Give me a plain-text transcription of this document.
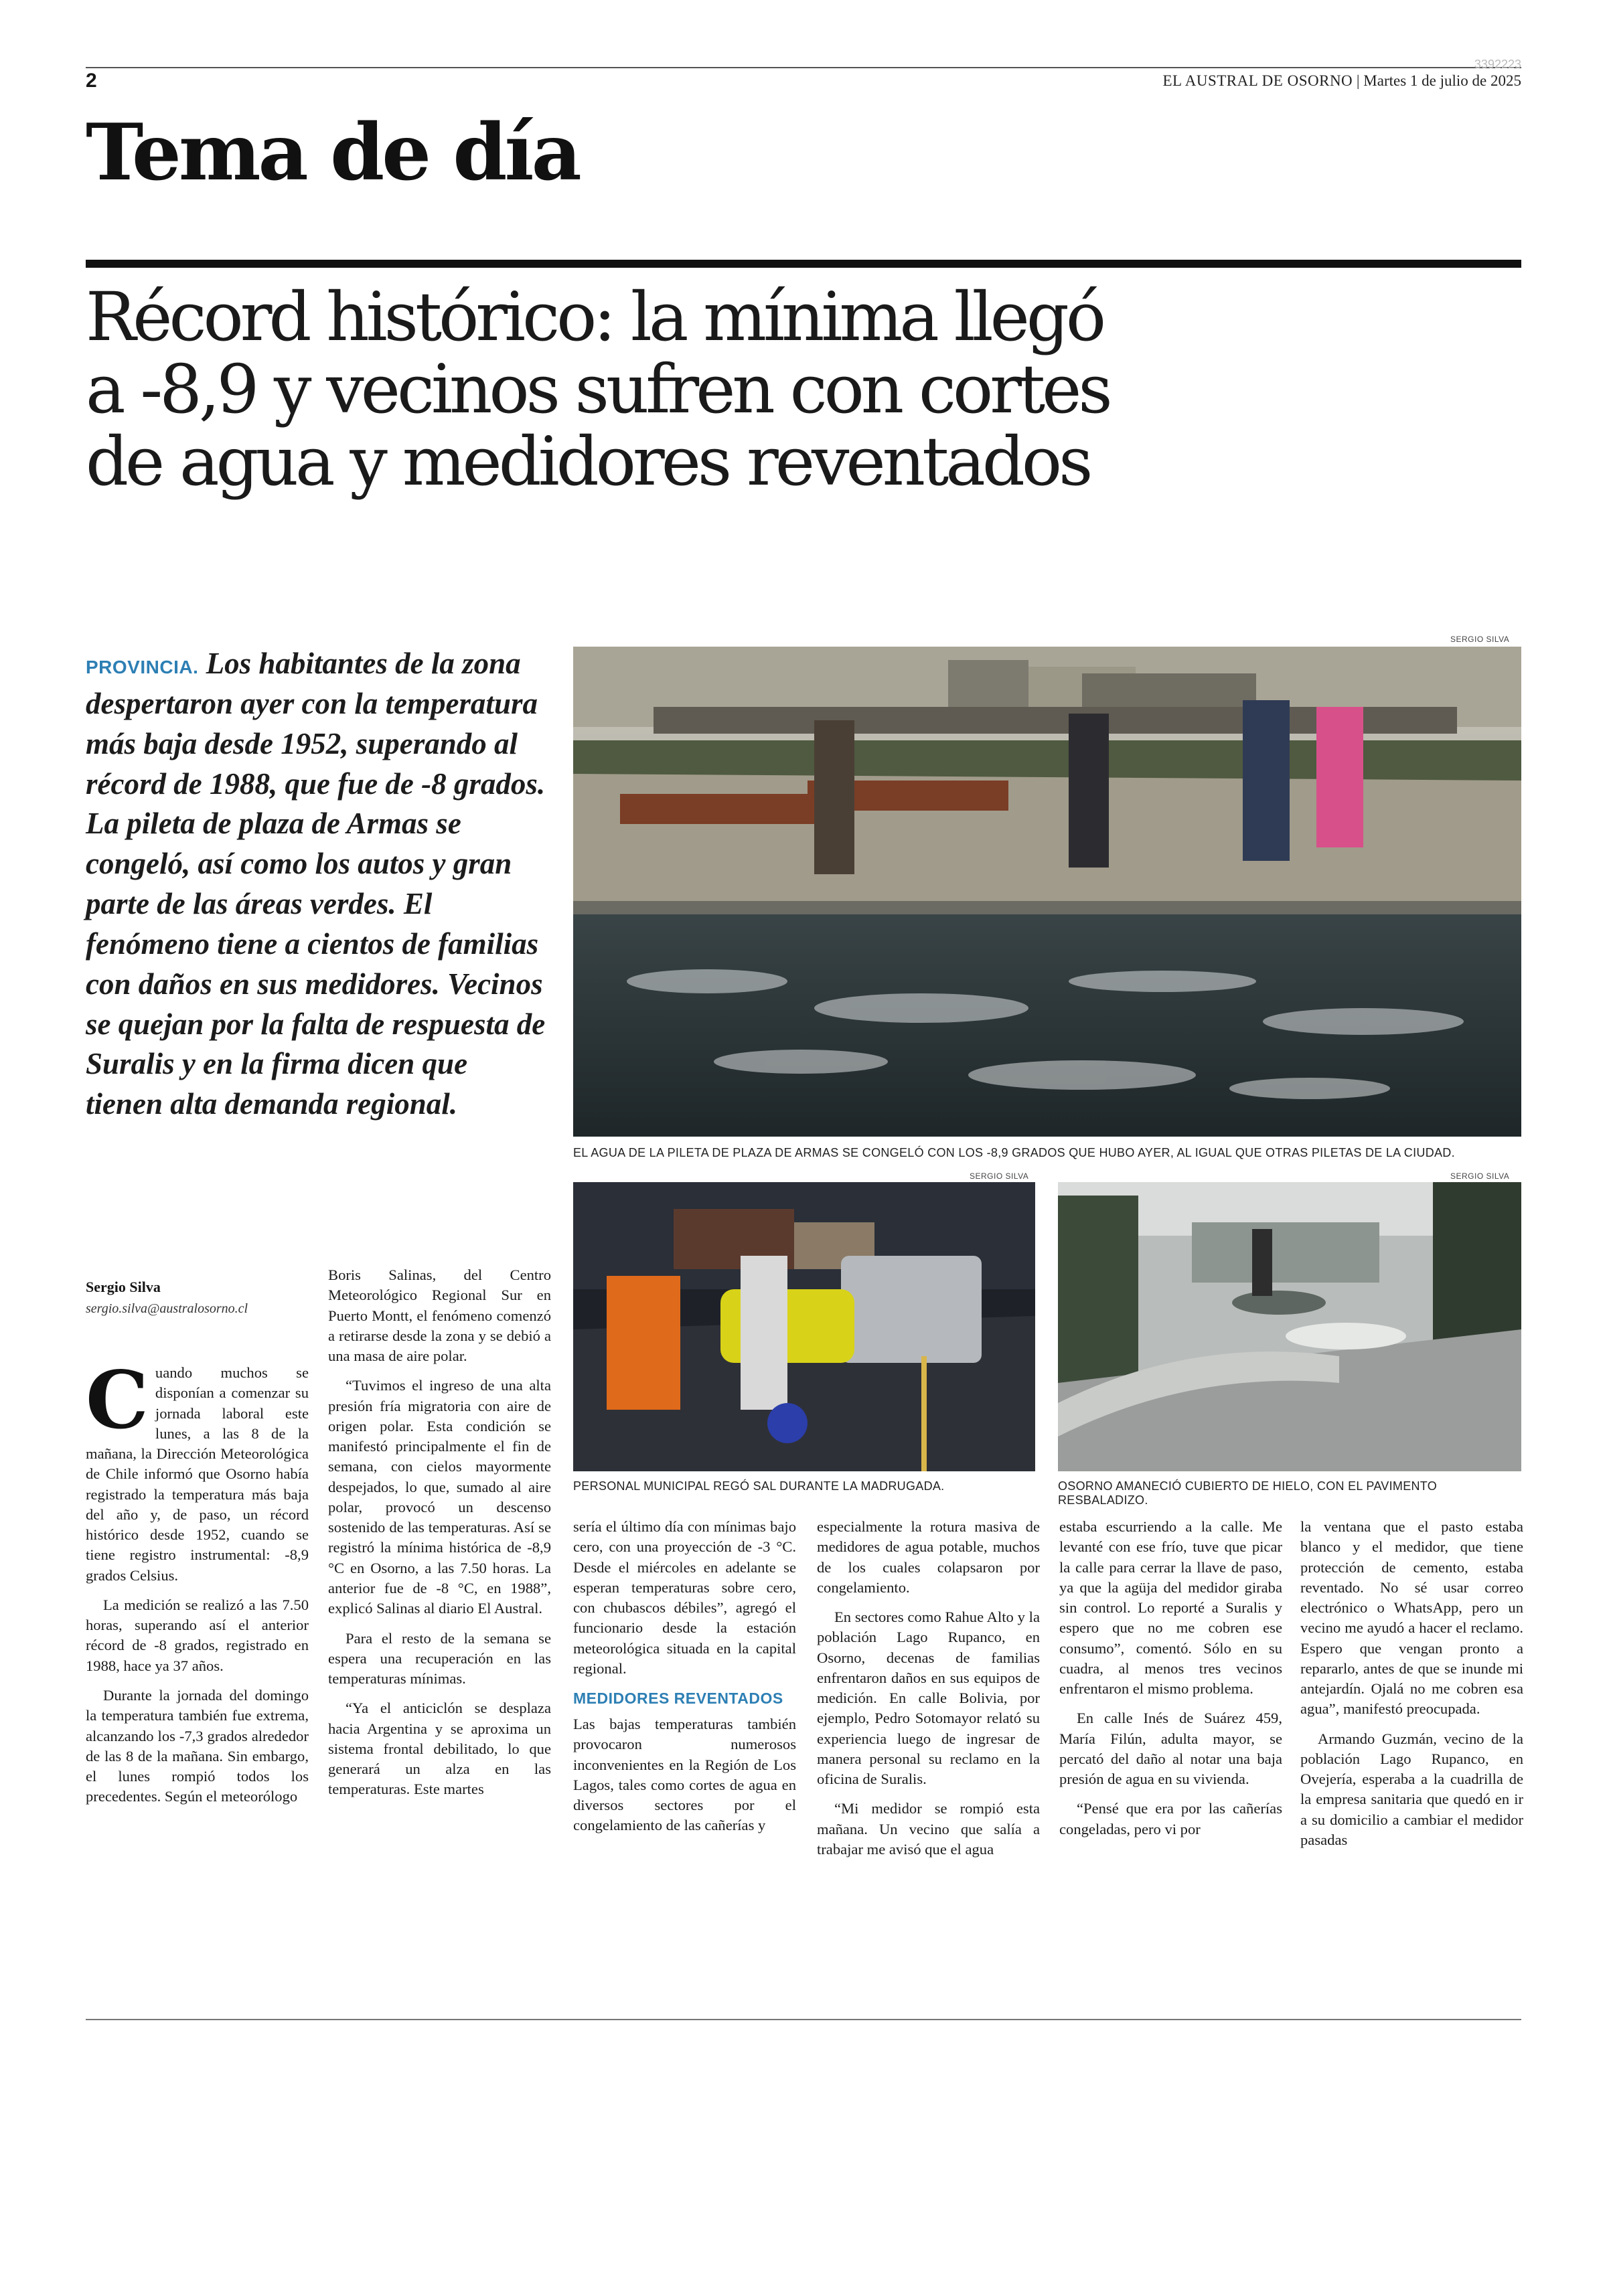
2
3392223
EL AUSTRAL DE OSORNO | Martes 1 de julio de 2025
Tema de día
Récord histórico: la mínima llegó
a -8,9 y vecinos sufren con cortes
de agua y medidores reventados
PROVINCIA. Los habitantes de la zona despertaron ayer con la temperatura más baja desde 1952, superando al récord de 1988, que fue de -8 grados. La pileta de plaza de Armas se congeló, así como los autos y gran parte de las áreas verdes. El fenómeno tiene a cientos de familias con daños en sus medidores. Vecinos se quejan por la falta de respuesta de Suralis y en la firma dicen que tienen alta demanda regional.
SERGIO SILVA
EL AGUA DE LA PILETA DE PLAZA DE ARMAS SE CONGELÓ CON LOS -8,9 GRADOS QUE HUBO AYER, AL IGUAL QUE OTRAS PILETAS DE LA CIUDAD.
SERGIO SILVA
PERSONAL MUNICIPAL REGÓ SAL DURANTE LA MADRUGADA.
SERGIO SILVA
OSORNO AMANECIÓ CUBIERTO DE HIELO, CON EL PAVIMENTO RESBALADIZO.
Sergio Silva
sergio.silva@australosorno.cl

Cuando muchos se disponían a comenzar su jornada laboral este lunes, a las 8 de la mañana, la Dirección Meteorológica de Chile informó que Osorno había registrado la temperatura más baja del año y, de paso, un récord histórico desde 1952, cuando se tiene registro instrumental: -8,9 grados Celsius.

La medición se realizó a las 7.50 horas, superando así el anterior récord de -8 grados, registrado en 1988, hace ya 37 años.

Durante la jornada del domingo la temperatura también fue extrema, alcanzando los -7,3 grados alrededor de las 8 de la mañana. Sin embargo, el lunes rompió todos los precedentes. Según el meteorólogo

Boris Salinas, del Centro Meteorológico Regional Sur en Puerto Montt, el fenómeno comenzó a retirarse desde la zona y se debió a una masa de aire polar.

“Tuvimos el ingreso de una alta presión fría migratoria con aire de origen polar. Esta condición se manifestó principalmente el fin de semana, con cielos mayormente despejados, lo que, sumado al aire polar, provocó un descenso sostenido de las temperaturas. Así se registró la mínima histórica de -8,9 °C en Osorno, a las 7.50 horas. La anterior fue de -8 °C, en 1988”, explicó Salinas al diario El Austral.

Para el resto de la semana se espera una recuperación en las temperaturas mínimas.

“Ya el anticiclón se desplaza hacia Argentina y se aproxima un sistema frontal debilitado, lo que generará un alza en las temperaturas. Este martes

sería el último día con mínimas bajo cero, con una proyección de -3 °C. Desde el miércoles en adelante se esperan temperaturas sobre cero, con chubascos débiles”, agregó el funcionario desde la estación meteorológica situada en la capital regional.

MEDIDORES REVENTADOS

Las bajas temperaturas también provocaron numerosos inconvenientes en la Región de Los Lagos, tales como cortes de agua en diversos sectores por el congelamiento de las cañerías y

especialmente la rotura masiva de medidores de agua potable, muchos de los cuales colapsaron por congelamiento.

En sectores como Rahue Alto y la población Lago Rupanco, en Osorno, decenas de familias enfrentaron daños en sus equipos de medición. En calle Bolivia, por ejemplo, Pedro Sotomayor relató su experiencia luego de ingresar de manera personal su reclamo en la oficina de Suralis.

“Mi medidor se rompió esta mañana. Un vecino que salía a trabajar me avisó que el agua

estaba escurriendo a la calle. Me levanté con ese frío, tuve que picar la calle para cerrar la llave de paso, ya que la agüja del medidor giraba sin control. Lo reporté a Suralis y espero que no me cobren ese consumo”, comentó. Sólo en su cuadra, al menos tres vecinos enfrentaron el mismo problema.

En calle Inés de Suárez 459, María Filún, adulta mayor, se percató del daño al notar una baja presión de agua en su vivienda.

“Pensé que era por las cañerías congeladas, pero vi por

la ventana que el pasto estaba blanco y el medidor, que tiene protección de cemento, estaba reventado. No sé usar correo electrónico o WhatsApp, pero un vecino me ayudó a hacer el reclamo. Espero que vengan pronto a repararlo, antes de que se inunde mi antejardín. Ojalá no me cobren esa agua”, manifestó preocupada.

Armando Guzmán, vecino de la población Lago Rupanco, en Ovejería, esperaba a la cuadrilla de la empresa sanitaria que quedó en ir a su domicilio a cambiar el medidor pasadas
